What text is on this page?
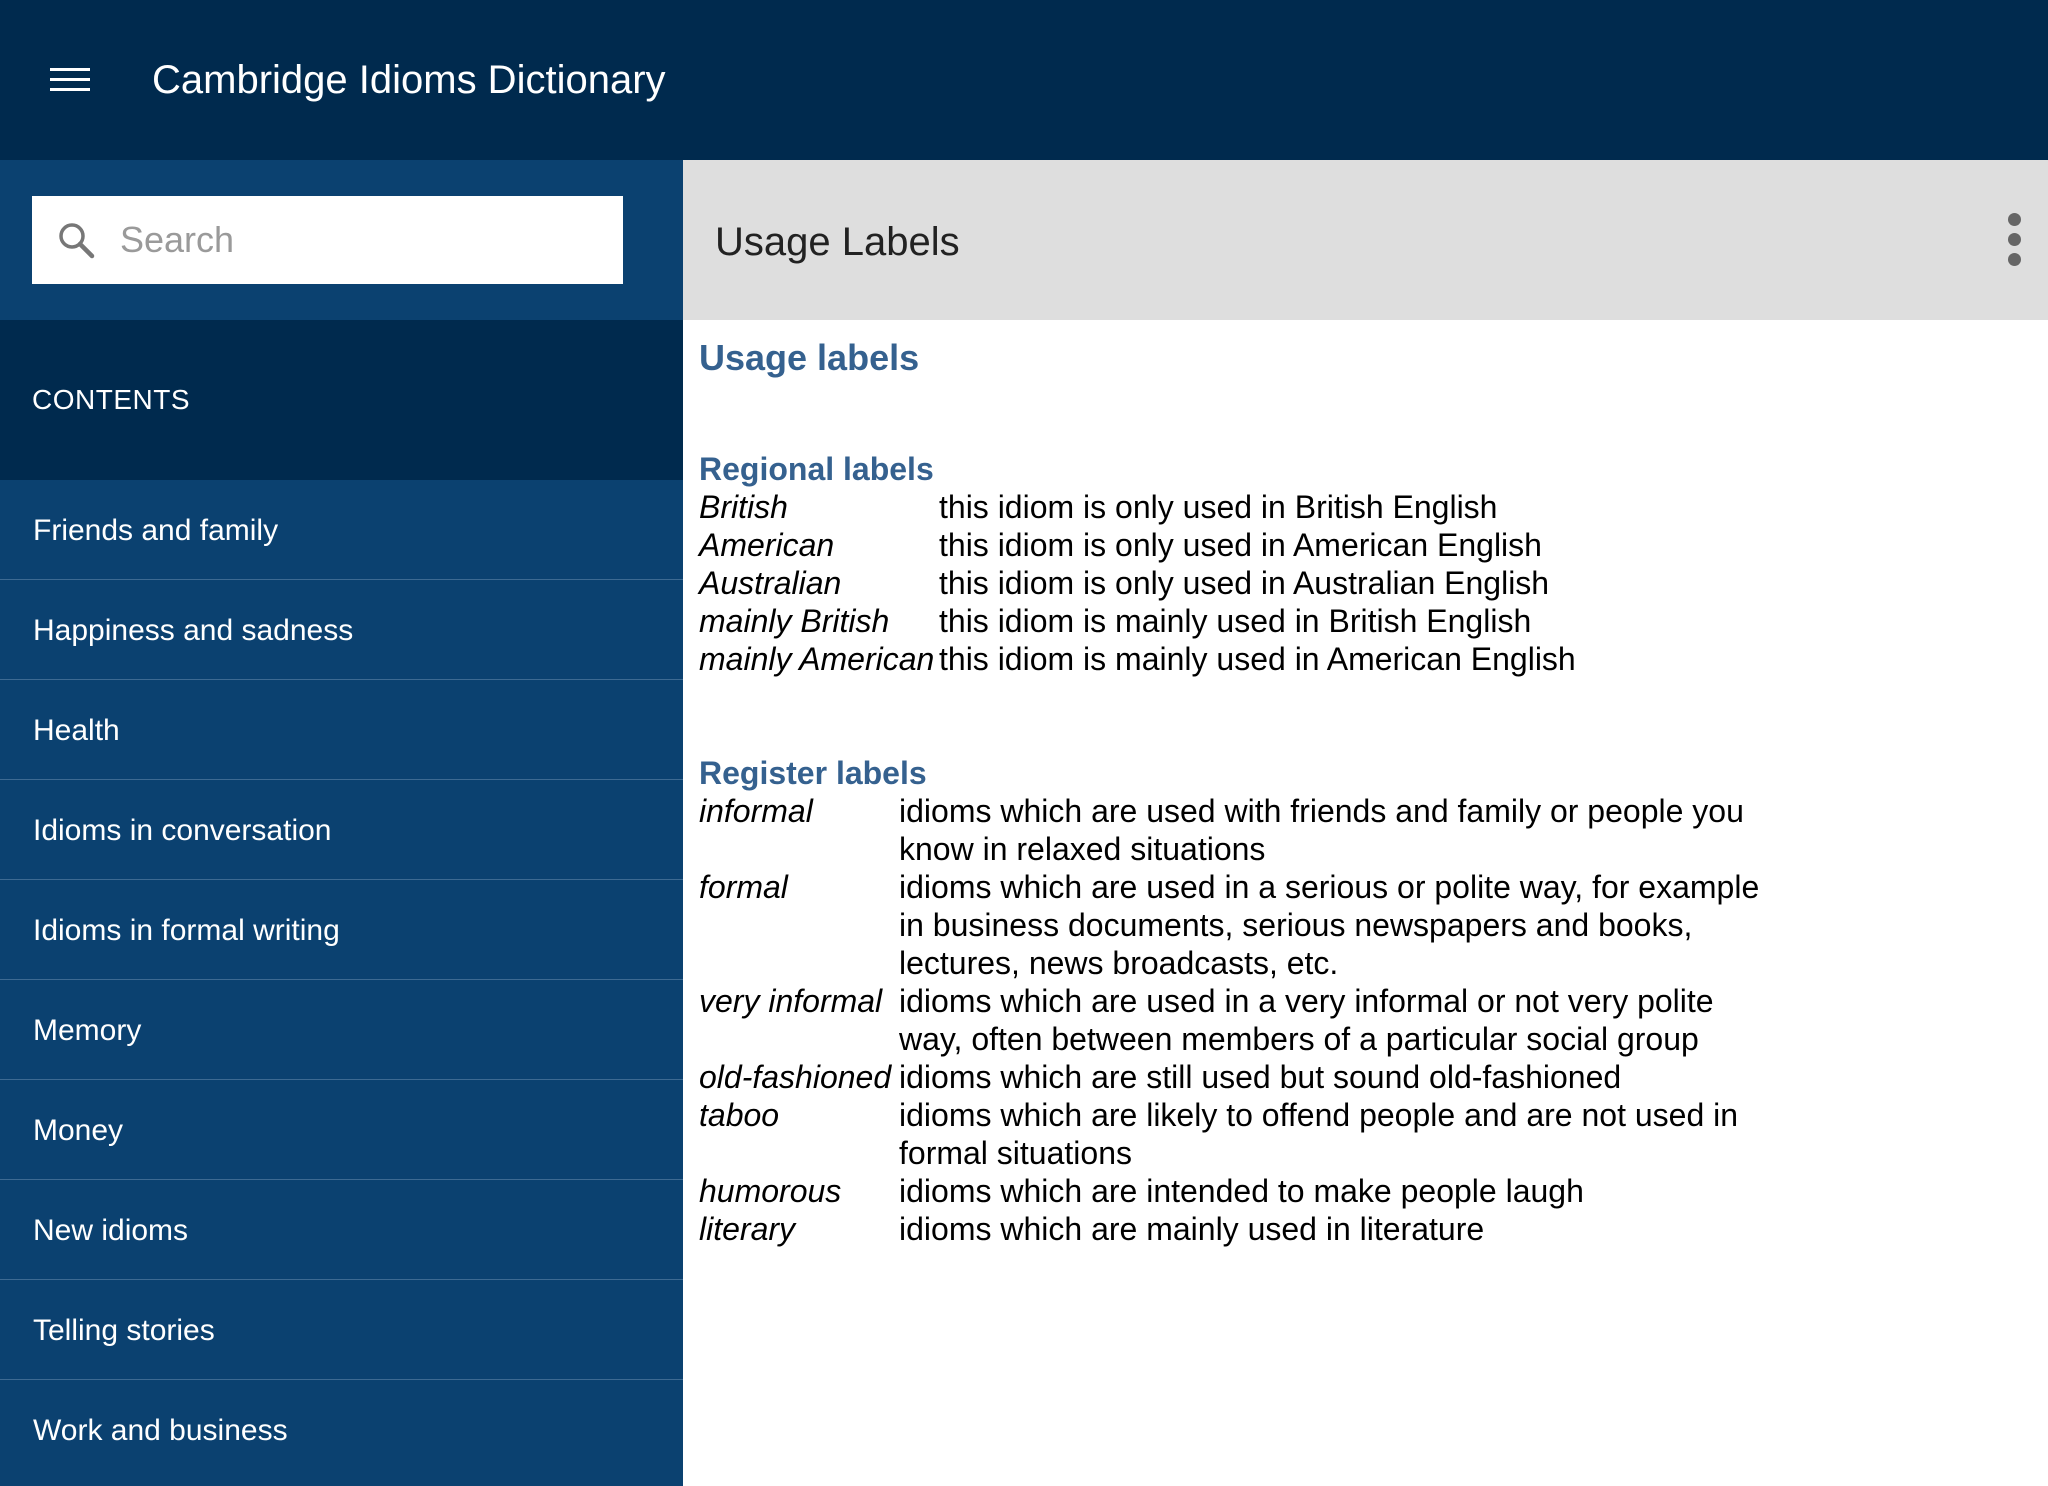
Cambridge Idioms Dictionary
Search
CONTENTS
Friends and family
Happiness and sadness
Health
Idioms in conversation
Idioms in formal writing
Memory
Money
New idioms
Telling stories
Work and business
Usage Labels
Usage labels
Regional labels
British	this idiom is only used in British English
American	this idiom is only used in American English
Australian	this idiom is only used in Australian English
mainly British	this idiom is mainly used in British English
mainly American this idiom is mainly used in American English
Register labels
informal	idioms which are used with friends and family or people you know in relaxed situations
formal	idioms which are used in a serious or polite way, for example in business documents, serious newspapers and books, lectures, news broadcasts, etc.
very informal idioms which are used in a very informal or not very polite way, often between members of a particular social group
old-fashioned idioms which are still used but sound old-fashioned
taboo	idioms which are likely to offend people and are not used in formal situations
humorous	idioms which are intended to make people laugh
literary	idioms which are mainly used in literature
